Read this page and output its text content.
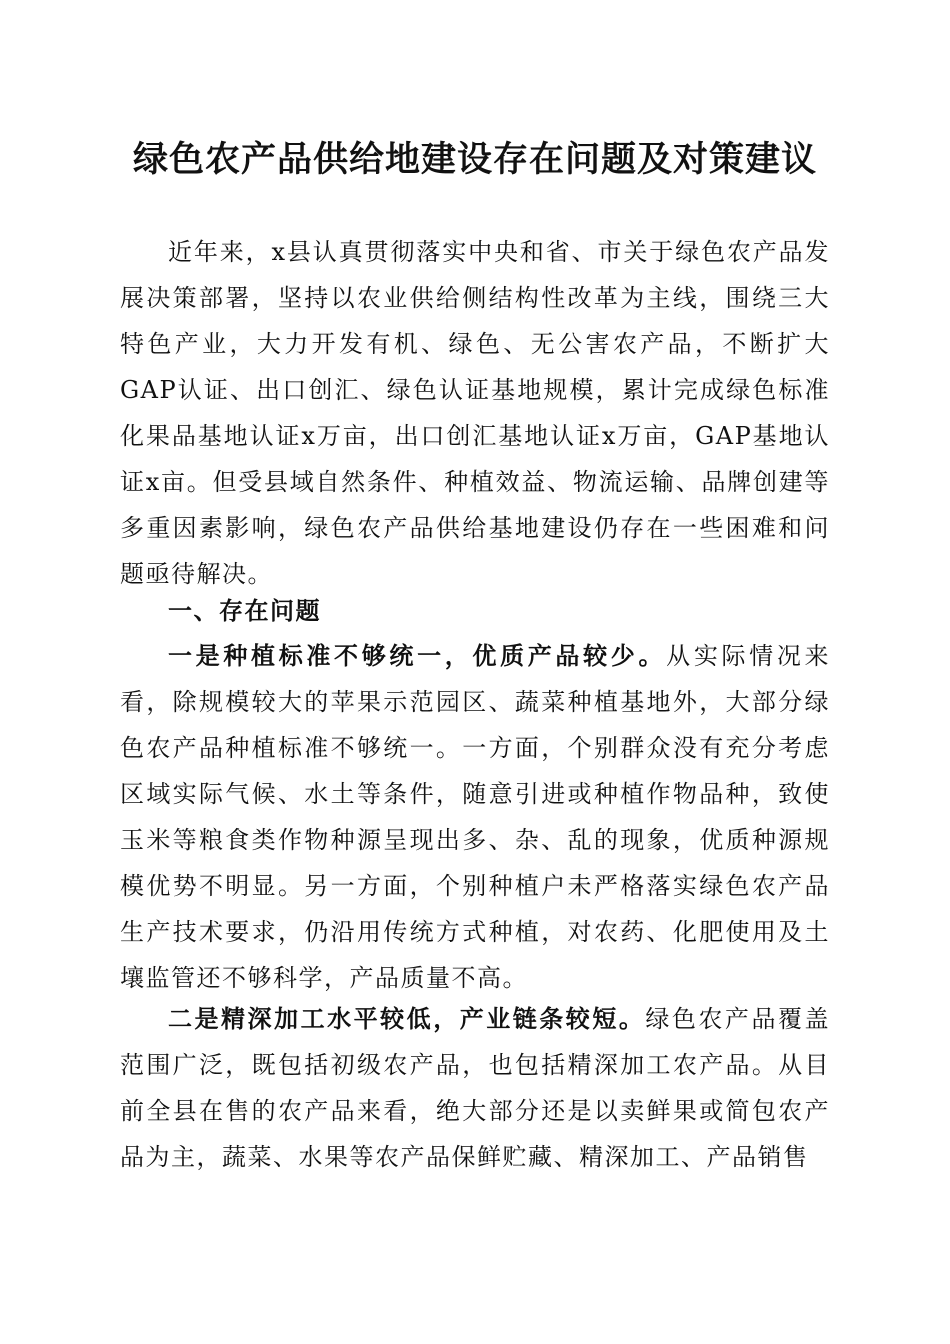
绿色农产品供给地建设存在问题及对策建议

近年来，x县认真贯彻落实中央和省、市关于绿色农产品发展决策部署，坚持以农业供给侧结构性改革为主线，围绕三大特色产业，大力开发有机、绿色、无公害农产品，不断扩大GAP认证、出口创汇、绿色认证基地规模，累计完成绿色标准化果品基地认证x万亩，出口创汇基地认证x万亩，GAP基地认证x亩。但受县域自然条件、种植效益、物流运输、品牌创建等多重因素影响，绿色农产品供给基地建设仍存在一些困难和问题亟待解决。

一、存在问题

一是种植标准不够统一，优质产品较少。从实际情况来看，除规模较大的苹果示范园区、蔬菜种植基地外，大部分绿色农产品种植标准不够统一。一方面，个别群众没有充分考虑区域实际气候、水土等条件，随意引进或种植作物品种，致使玉米等粮食类作物种源呈现出多、杂、乱的现象，优质种源规模优势不明显。另一方面，个别种植户未严格落实绿色农产品生产技术要求，仍沿用传统方式种植，对农药、化肥使用及土壤监管还不够科学，产品质量不高。

二是精深加工水平较低，产业链条较短。绿色农产品覆盖范围广泛，既包括初级农产品，也包括精深加工农产品。从目前全县在售的农产品来看，绝大部分还是以卖鲜果或简包农产品为主，蔬菜、水果等农产品保鲜贮藏、精深加工、产品销售
